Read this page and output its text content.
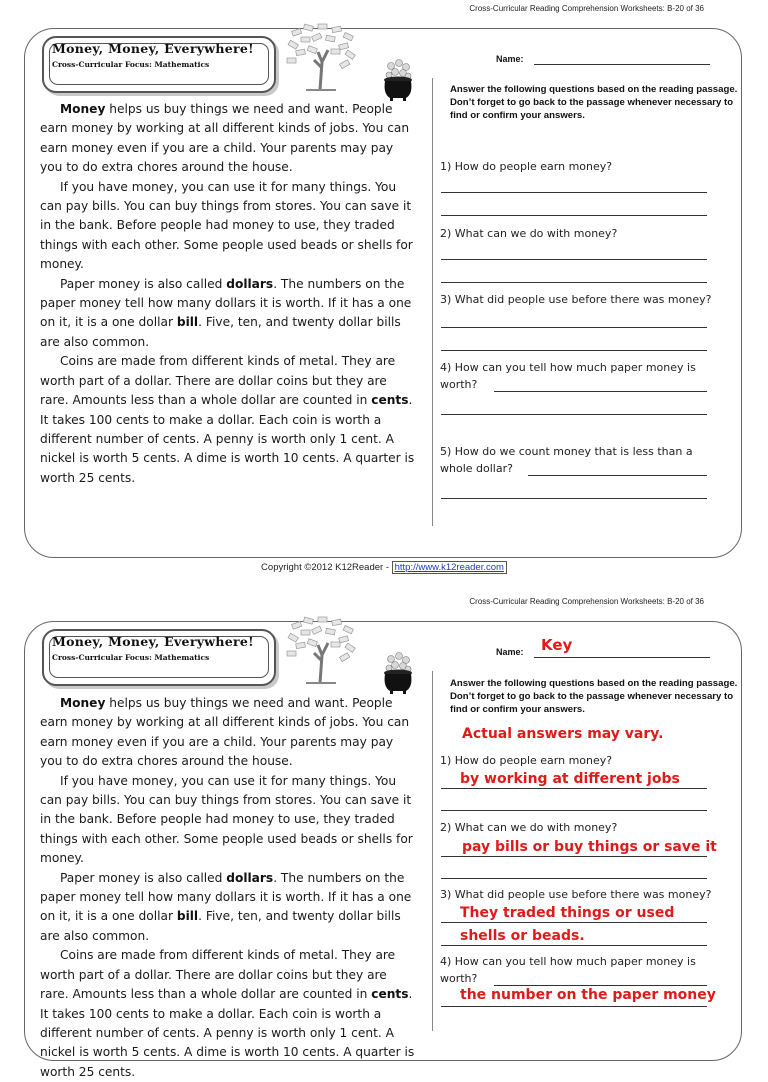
Cross-Curricular Reading Comprehension Worksheets: B-20 of 36
Money, Money, Everywhere!
Cross-Curricular Focus: Mathematics
Name:
Answer the following questions based on the reading passage. Don’t forget to go back to the passage whenever necessary to find or confirm your answers.

Money helps us buy things we need and want. People earn money by working at all different kinds of jobs. You can earn money even if you are a child. Your parents may pay you to do extra chores around the house.

If you have money, you can use it for many things. You can pay bills. You can buy things from stores. You can save it in the bank. Before people had money to use, they traded things with each other. Some people used beads or shells for money.

Paper money is also called dollars. The numbers on the paper money tell how many dollars it is worth. If it has a one on it, it is a one dollar bill. Five, ten, and twenty dollar bills are also common.

Coins are made from different kinds of metal. They are worth part of a dollar. There are dollar coins but they are rare. Amounts less than a whole dollar are counted in cents. It takes 100 cents to make a dollar. Each coin is worth a different number of cents. A penny is worth only 1 cent. A nickel is worth 5 cents. A dime is worth 10 cents. A quarter is worth 25 cents.

1) How do people earn money?
2) What can we do with money?
3) What did people use before there was money?
4) How can you tell how much paper money is
worth?
5) How do we count money that is less than a
whole dollar?
Copyright ©2012 K12Reader - http://www.k12reader.com
Cross-Curricular Reading Comprehension Worksheets: B-20 of 36
Money, Money, Everywhere!
Cross-Curricular Focus: Mathematics
Name: Key
Answer the following questions based on the reading passage. Don’t forget to go back to the passage whenever necessary to find or confirm your answers.
Actual answers may vary.

Money helps us buy things we need and want. People earn money by working at all different kinds of jobs. You can earn money even if you are a child. Your parents may pay you to do extra chores around the house.

If you have money, you can use it for many things. You can pay bills. You can buy things from stores. You can save it in the bank. Before people had money to use, they traded things with each other. Some people used beads or shells for money.

Paper money is also called dollars. The numbers on the paper money tell how many dollars it is worth. If it has a one on it, it is a one dollar bill. Five, ten, and twenty dollar bills are also common.

Coins are made from different kinds of metal. They are worth part of a dollar. There are dollar coins but they are rare. Amounts less than a whole dollar are counted in cents. It takes 100 cents to make a dollar. Each coin is worth a different number of cents. A penny is worth only 1 cent. A nickel is worth 5 cents. A dime is worth 10 cents. A quarter is worth 25 cents.

1) How do people earn money?
by working at different jobs
2) What can we do with money?
pay bills or buy things or save it
3) What did people use before there was money?
They traded things or used
shells or beads.
4) How can you tell how much paper money is
worth?
the number on the paper money
